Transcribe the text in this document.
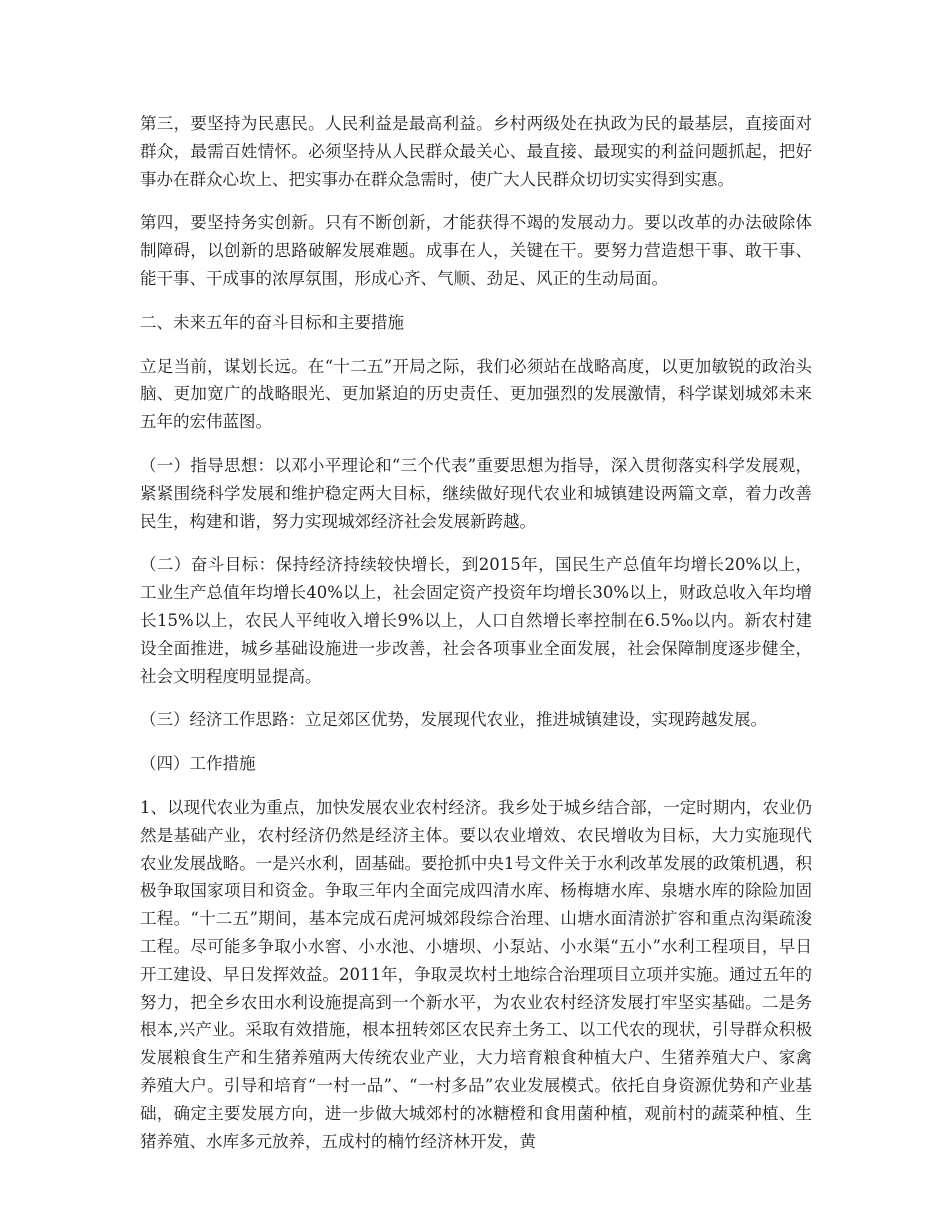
第三，要坚持为民惠民。人民利益是最高利益。乡村两级处在执政为民的最基层，直接面对群众，最需百姓情怀。必须坚持从人民群众最关心、最直接、最现实的利益问题抓起，把好事办在群众心坎上、把实事办在群众急需时，使广大人民群众切切实实得到实惠。

第四，要坚持务实创新。只有不断创新，才能获得不竭的发展动力。要以改革的办法破除体制障碍，以创新的思路破解发展难题。成事在人，关键在干。要努力营造想干事、敢干事、能干事、干成事的浓厚氛围，形成心齐、气顺、劲足、风正的生动局面。

二、未来五年的奋斗目标和主要措施

立足当前，谋划长远。在“十二五”开局之际，我们必须站在战略高度，以更加敏锐的政治头脑、更加宽广的战略眼光、更加紧迫的历史责任、更加强烈的发展激情，科学谋划城郊未来五年的宏伟蓝图。

（一）指导思想：以邓小平理论和“三个代表”重要思想为指导，深入贯彻落实科学发展观，紧紧围绕科学发展和维护稳定两大目标，继续做好现代农业和城镇建设两篇文章，着力改善民生，构建和谐，努力实现城郊经济社会发展新跨越。

（二）奋斗目标：保持经济持续较快增长，到2015年，国民生产总值年均增长20%以上，工业生产总值年均增长40%以上，社会固定资产投资年均增长30%以上，财政总收入年均增长15%以上，农民人平纯收入增长9%以上，人口自然增长率控制在6.5‰以内。新农村建设全面推进，城乡基础设施进一步改善，社会各项事业全面发展，社会保障制度逐步健全，社会文明程度明显提高。

（三）经济工作思路：立足郊区优势，发展现代农业，推进城镇建设，实现跨越发展。

（四）工作措施

1、以现代农业为重点，加快发展农业农村经济。我乡处于城乡结合部，一定时期内，农业仍然是基础产业，农村经济仍然是经济主体。要以农业增效、农民增收为目标，大力实施现代农业发展战略。一是兴水利，固基础。要抢抓中央1号文件关于水利改革发展的政策机遇，积极争取国家项目和资金。争取三年内全面完成四清水库、杨梅塘水库、泉塘水库的除险加固工程。“十二五”期间，基本完成石虎河城郊段综合治理、山塘水面清淤扩容和重点沟渠疏浚工程。尽可能多争取小水窖、小水池、小塘坝、小泵站、小水渠“五小”水利工程项目，早日开工建设、早日发挥效益。2011年，争取灵坎村土地综合治理项目立项并实施。通过五年的努力，把全乡农田水利设施提高到一个新水平，为农业农村经济发展打牢坚实基础。二是务根本,兴产业。采取有效措施，根本扭转郊区农民弃土务工、以工代农的现状，引导群众积极发展粮食生产和生猪养殖两大传统农业产业，大力培育粮食种植大户、生猪养殖大户、家禽养殖大户。引导和培育“一村一品”、“一村多品”农业发展模式。依托自身资源优势和产业基础，确定主要发展方向，进一步做大城郊村的冰糖橙和食用菌种植，观前村的蔬菜种植、生猪养殖、水库多元放养，五成村的楠竹经济林开发，黄
